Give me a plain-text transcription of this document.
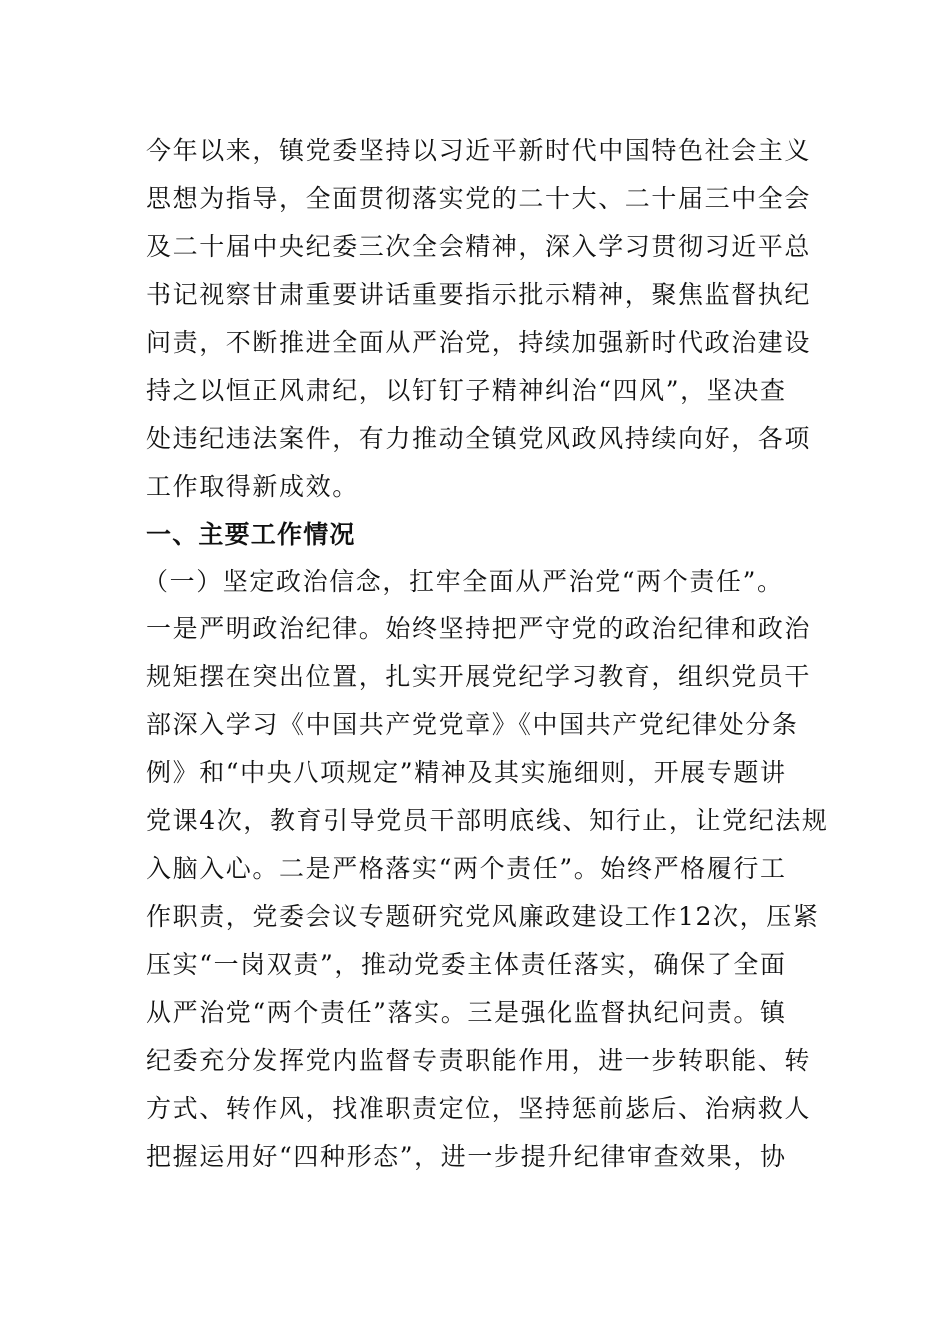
今年以来，镇党委坚持以习近平新时代中国特色社会主义
思想为指导，全面贯彻落实党的二十大、二十届三中全会
及二十届中央纪委三次全会精神，深入学习贯彻习近平总
书记视察甘肃重要讲话重要指示批示精神，聚焦监督执纪
问责，不断推进全面从严治党，持续加强新时代政治建设
持之以恒正风肃纪，以钉钉子精神纠治“四风”，坚决查
处违纪违法案件，有力推动全镇党风政风持续向好，各项
工作取得新成效。
一、主要工作情况
（一）坚定政治信念，扛牢全面从严治党“两个责任”。
一是严明政治纪律。始终坚持把严守党的政治纪律和政治
规矩摆在突出位置，扎实开展党纪学习教育，组织党员干
部深入学习《中国共产党党章》《中国共产党纪律处分条
例》和“中央八项规定”精神及其实施细则，开展专题讲
党课4次，教育引导党员干部明底线、知行止，让党纪法规
入脑入心。二是严格落实“两个责任”。始终严格履行工
作职责，党委会议专题研究党风廉政建设工作12次，压紧
压实“一岗双责”，推动党委主体责任落实，确保了全面
从严治党“两个责任”落实。三是强化监督执纪问责。镇
纪委充分发挥党内监督专责职能作用，进一步转职能、转
方式、转作风，找准职责定位，坚持惩前毖后、治病救人
把握运用好“四种形态”，进一步提升纪律审查效果，协
